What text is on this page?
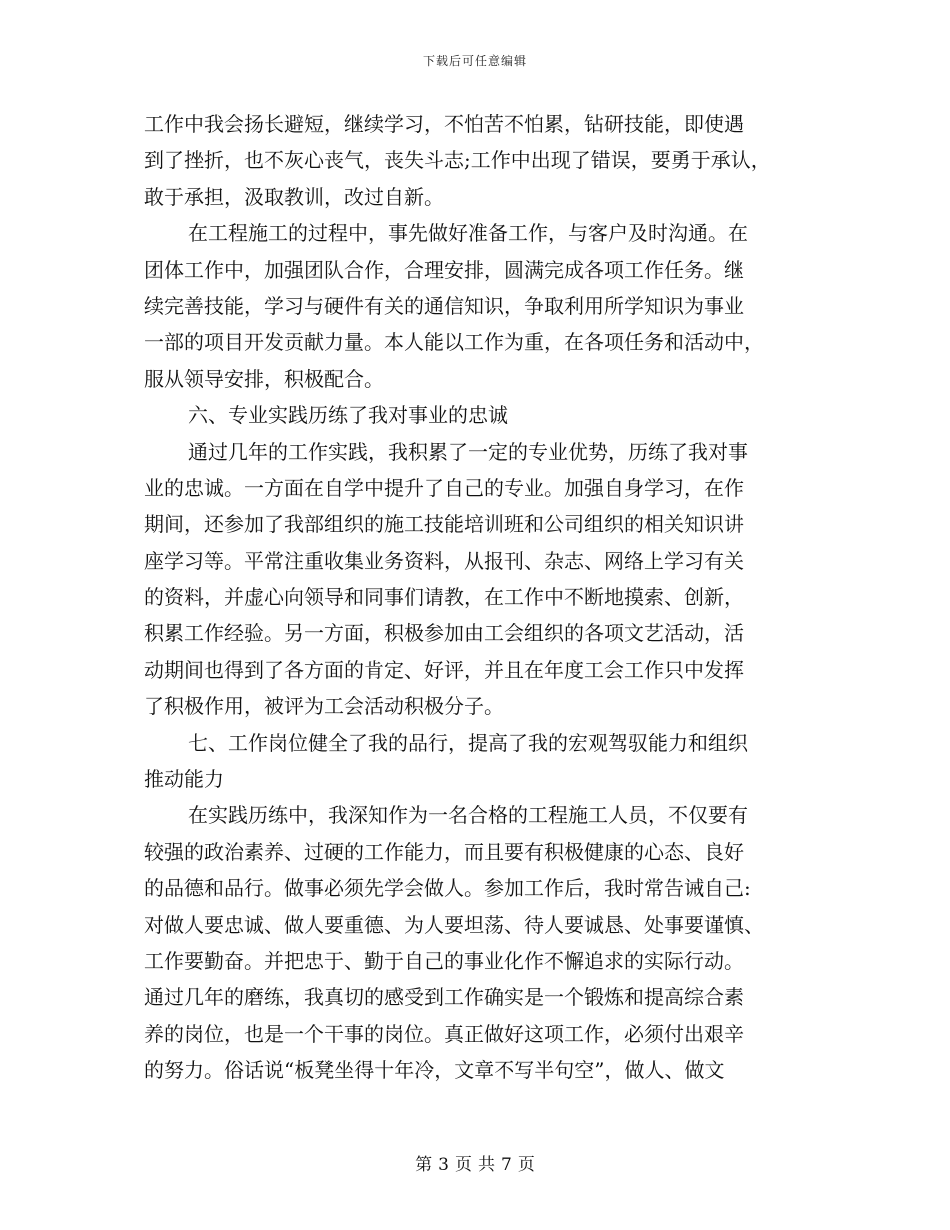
下载后可任意编辑
工作中我会扬长避短，继续学习，不怕苦不怕累，钻研技能，即使遇
到了挫折，也不灰心丧气，丧失斗志;工作中出现了错误，要勇于承认，
敢于承担，汲取教训，改过自新。
在工程施工的过程中，事先做好准备工作，与客户及时沟通。在
团体工作中，加强团队合作，合理安排，圆满完成各项工作任务。继
续完善技能，学习与硬件有关的通信知识，争取利用所学知识为事业
一部的项目开发贡献力量。本人能以工作为重，在各项任务和活动中，
服从领导安排，积极配合。
六、专业实践历练了我对事业的忠诚
通过几年的工作实践，我积累了一定的专业优势，历练了我对事
业的忠诚。一方面在自学中提升了自己的专业。加强自身学习，在作
期间，还参加了我部组织的施工技能培训班和公司组织的相关知识讲
座学习等。平常注重收集业务资料，从报刊、杂志、网络上学习有关
的资料，并虚心向领导和同事们请教，在工作中不断地摸索、创新，
积累工作经验。另一方面，积极参加由工会组织的各项文艺活动，活
动期间也得到了各方面的肯定、好评，并且在年度工会工作只中发挥
了积极作用，被评为工会活动积极分子。
七、工作岗位健全了我的品行，提高了我的宏观驾驭能力和组织
推动能力
在实践历练中，我深知作为一名合格的工程施工人员，不仅要有
较强的政治素养、过硬的工作能力，而且要有积极健康的心态、良好
的品德和品行。做事必须先学会做人。参加工作后，我时常告诫自己:
对做人要忠诚、做人要重德、为人要坦荡、待人要诚恳、处事要谨慎、
工作要勤奋。并把忠于、勤于自己的事业化作不懈追求的实际行动。
通过几年的磨练，我真切的感受到工作确实是一个锻炼和提高综合素
养的岗位，也是一个干事的岗位。真正做好这项工作，必须付出艰辛
的努力。俗话说“板凳坐得十年冷，文章不写半句空”，做人、做文
第 3 页 共 7 页
